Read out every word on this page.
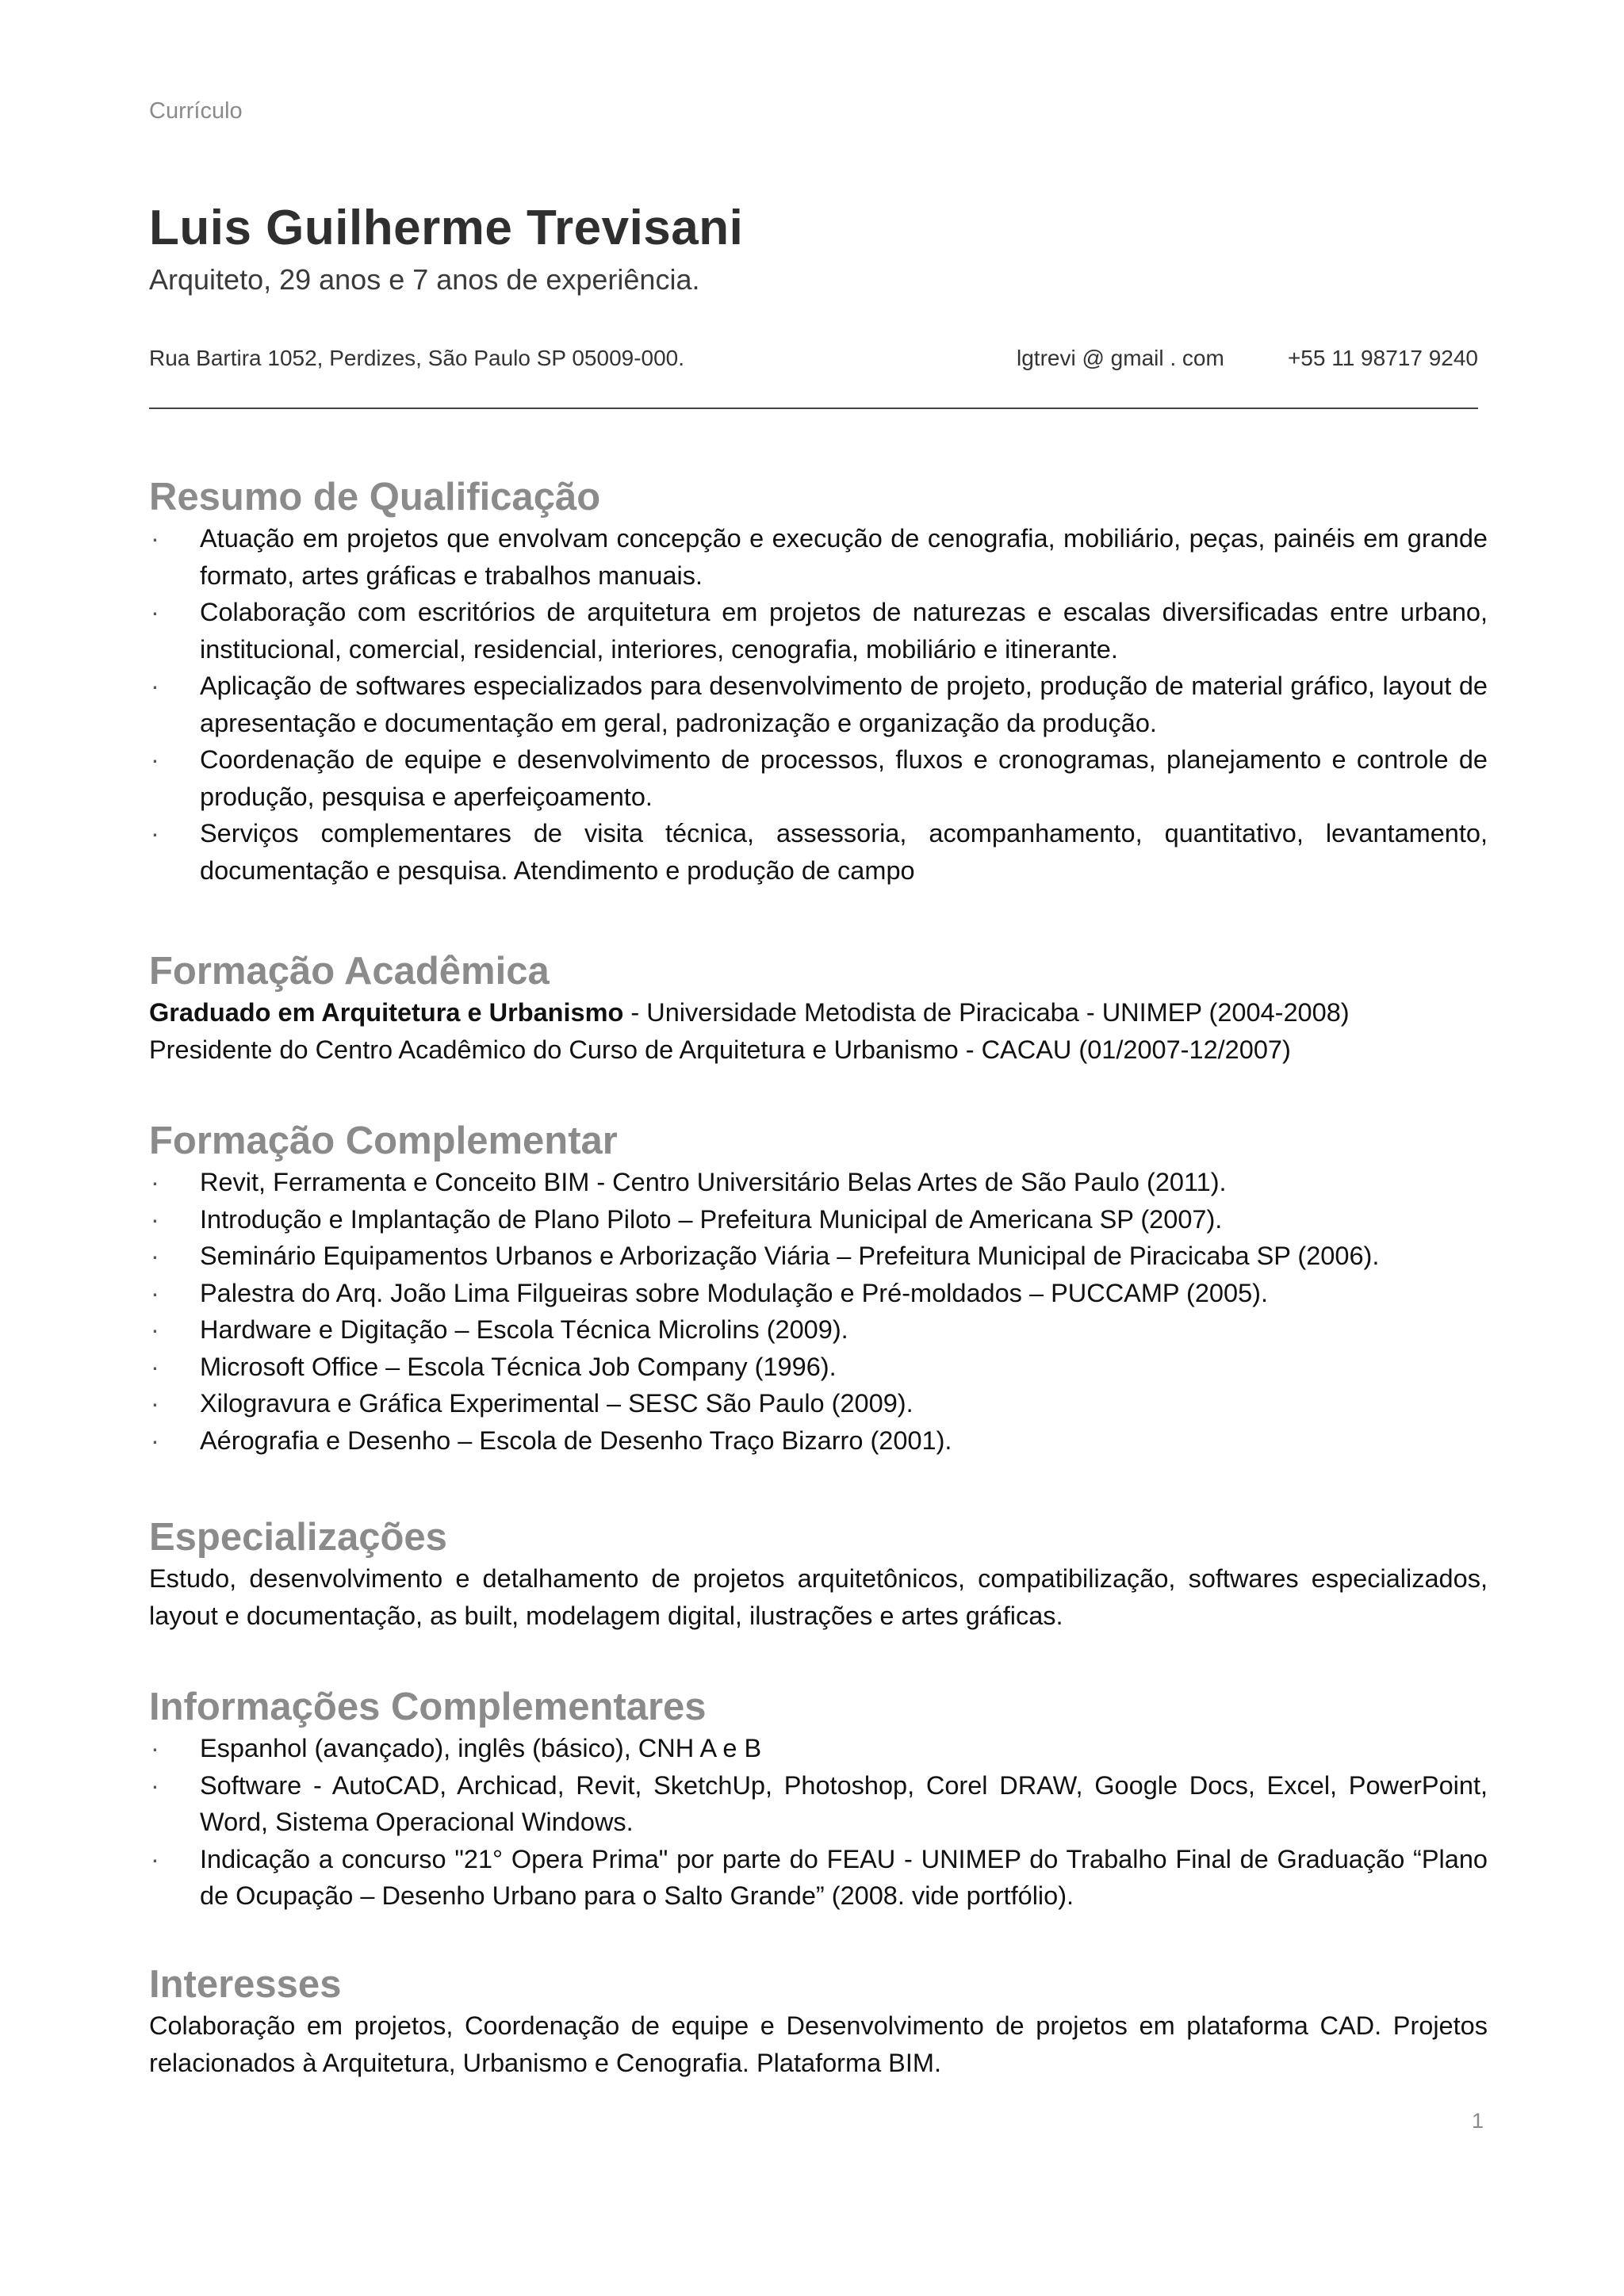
Currículo
Luis Guilherme Trevisani
Arquiteto, 29 anos e 7 anos de experiência.
Rua Bartira 1052, Perdizes, São Paulo SP 05009-000.	lgtrevi @ gmail . com	+55 11 98717 9240
Resumo de Qualificação
· Atuação em projetos que envolvam concepção e execução de cenografia, mobiliário, peças, painéis em grande formato, artes gráficas e trabalhos manuais.
· Colaboração com escritórios de arquitetura em projetos de naturezas e escalas diversificadas entre urbano, institucional, comercial, residencial, interiores, cenografia, mobiliário e itinerante.
· Aplicação de softwares especializados para desenvolvimento de projeto, produção de material gráfico, layout de apresentação e documentação em geral, padronização e organização da produção.
· Coordenação de equipe e desenvolvimento de processos, fluxos e cronogramas, planejamento e controle de produção, pesquisa e aperfeiçoamento.
· Serviços complementares de visita técnica, assessoria, acompanhamento, quantitativo, levantamento, documentação e pesquisa. Atendimento e produção de campo
Formação Acadêmica

Graduado em Arquitetura e Urbanismo - Universidade Metodista de Piracicaba - UNIMEP (2004-2008)

Presidente do Centro Acadêmico do Curso de Arquitetura e Urbanismo - CACAU (01/2007-12/2007)

Formação Complementar
· Revit, Ferramenta e Conceito BIM - Centro Universitário Belas Artes de São Paulo (2011).
· Introdução e Implantação de Plano Piloto – Prefeitura Municipal de Americana SP (2007).
· Seminário Equipamentos Urbanos e Arborização Viária – Prefeitura Municipal de Piracicaba SP (2006).
· Palestra do Arq. João Lima Filgueiras sobre Modulação e Pré-moldados – PUCCAMP (2005).
· Hardware e Digitação – Escola Técnica Microlins (2009).
· Microsoft Office – Escola Técnica Job Company (1996).
· Xilogravura e Gráfica Experimental – SESC São Paulo (2009).
· Aérografia e Desenho – Escola de Desenho Traço Bizarro (2001).
Especializações

Estudo, desenvolvimento e detalhamento de projetos arquitetônicos, compatibilização, softwares especializados, layout e documentação, as built, modelagem digital, ilustrações e artes gráficas.

Informações Complementares
· Espanhol (avançado), inglês (básico), CNH A e B
· Software - AutoCAD, Archicad, Revit, SketchUp, Photoshop, Corel DRAW, Google Docs, Excel, PowerPoint, Word, Sistema Operacional Windows.
· Indicação a concurso "21° Opera Prima" por parte do FEAU - UNIMEP do Trabalho Final de Graduação “Plano de Ocupação – Desenho Urbano para o Salto Grande” (2008. vide portfólio).
Interesses

Colaboração em projetos, Coordenação de equipe e Desenvolvimento de projetos em plataforma CAD. Projetos relacionados à Arquitetura, Urbanismo e Cenografia. Plataforma BIM.

1
